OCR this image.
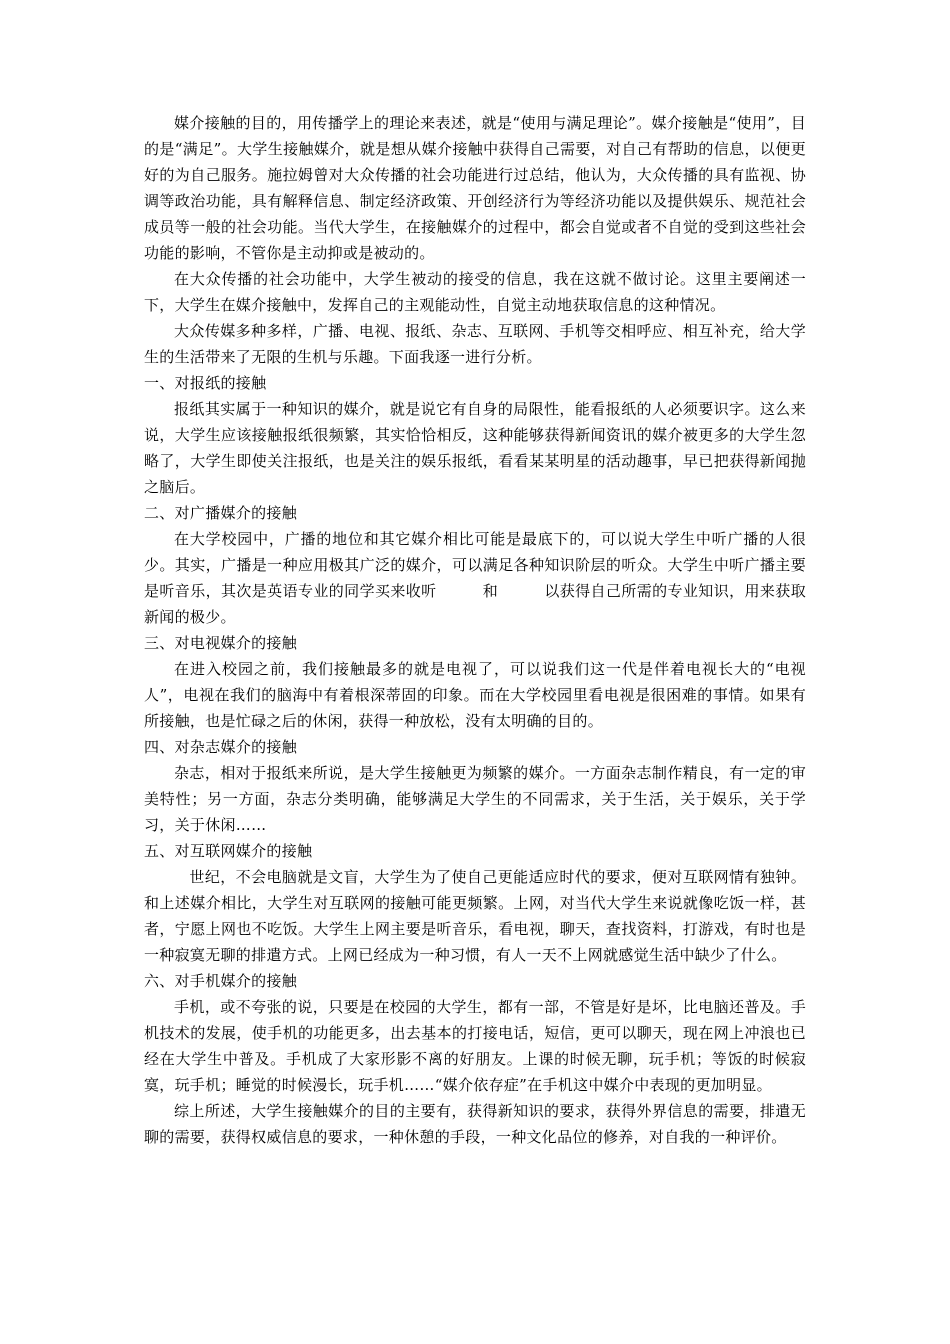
媒介接触的目的，用传播学上的理论来表述，就是“使用与满足理论”。媒介接触是“使用”，目的是“满足”。大学生接触媒介，就是想从媒介接触中获得自己需要，对自己有帮助的信息，以便更好的为自己服务。施拉姆曾对大众传播的社会功能进行过总结，他认为，大众传播的具有监视、协调等政治功能，具有解释信息、制定经济政策、开创经济行为等经济功能以及提供娱乐、规范社会成员等一般的社会功能。当代大学生，在接触媒介的过程中，都会自觉或者不自觉的受到这些社会功能的影响，不管你是主动抑或是被动的。

在大众传播的社会功能中，大学生被动的接受的信息，我在这就不做讨论。这里主要阐述一下，大学生在媒介接触中，发挥自己的主观能动性，自觉主动地获取信息的这种情况。

大众传媒多种多样，广播、电视、报纸、杂志、互联网、手机等交相呼应、相互补充，给大学生的生活带来了无限的生机与乐趣。下面我逐一进行分析。

一、对报纸的接触

报纸其实属于一种知识的媒介，就是说它有自身的局限性，能看报纸的人必须要识字。这么来说，大学生应该接触报纸很频繁，其实恰恰相反，这种能够获得新闻资讯的媒介被更多的大学生忽略了，大学生即使关注报纸，也是关注的娱乐报纸，看看某某明星的活动趣事，早已把获得新闻抛之脑后。

二、对广播媒介的接触

在大学校园中，广播的地位和其它媒介相比可能是最底下的，可以说大学生中听广播的人很少。其实，广播是一种应用极其广泛的媒介，可以满足各种知识阶层的听众。大学生中听广播主要是听音乐，其次是英语专业的同学买来收听　　　和　　　以获得自己所需的专业知识，用来获取新闻的极少。

三、对电视媒介的接触

在进入校园之前，我们接触最多的就是电视了，可以说我们这一代是伴着电视长大的“电视人”，电视在我们的脑海中有着根深蒂固的印象。而在大学校园里看电视是很困难的事情。如果有所接触，也是忙碌之后的休闲，获得一种放松，没有太明确的目的。

四、对杂志媒介的接触

杂志，相对于报纸来所说，是大学生接触更为频繁的媒介。一方面杂志制作精良，有一定的审美特性；另一方面，杂志分类明确，能够满足大学生的不同需求，关于生活，关于娱乐，关于学习，关于休闲……

五、对互联网媒介的接触

　世纪，不会电脑就是文盲，大学生为了使自己更能适应时代的要求，便对互联网情有独钟。和上述媒介相比，大学生对互联网的接触可能更频繁。上网，对当代大学生来说就像吃饭一样，甚者，宁愿上网也不吃饭。大学生上网主要是听音乐，看电视，聊天，查找资料，打游戏，有时也是一种寂寞无聊的排遣方式。上网已经成为一种习惯，有人一天不上网就感觉生活中缺少了什么。

六、对手机媒介的接触

手机，或不夸张的说，只要是在校园的大学生，都有一部，不管是好是坏，比电脑还普及。手机技术的发展，使手机的功能更多，出去基本的打接电话，短信，更可以聊天，现在网上冲浪也已经在大学生中普及。手机成了大家形影不离的好朋友。上课的时候无聊，玩手机；等饭的时候寂寞，玩手机；睡觉的时候漫长，玩手机……“媒介依存症”在手机这中媒介中表现的更加明显。

综上所述，大学生接触媒介的目的主要有，获得新知识的要求，获得外界信息的需要，排遣无聊的需要，获得权威信息的要求，一种休憩的手段，一种文化品位的修养，对自我的一种评价。
